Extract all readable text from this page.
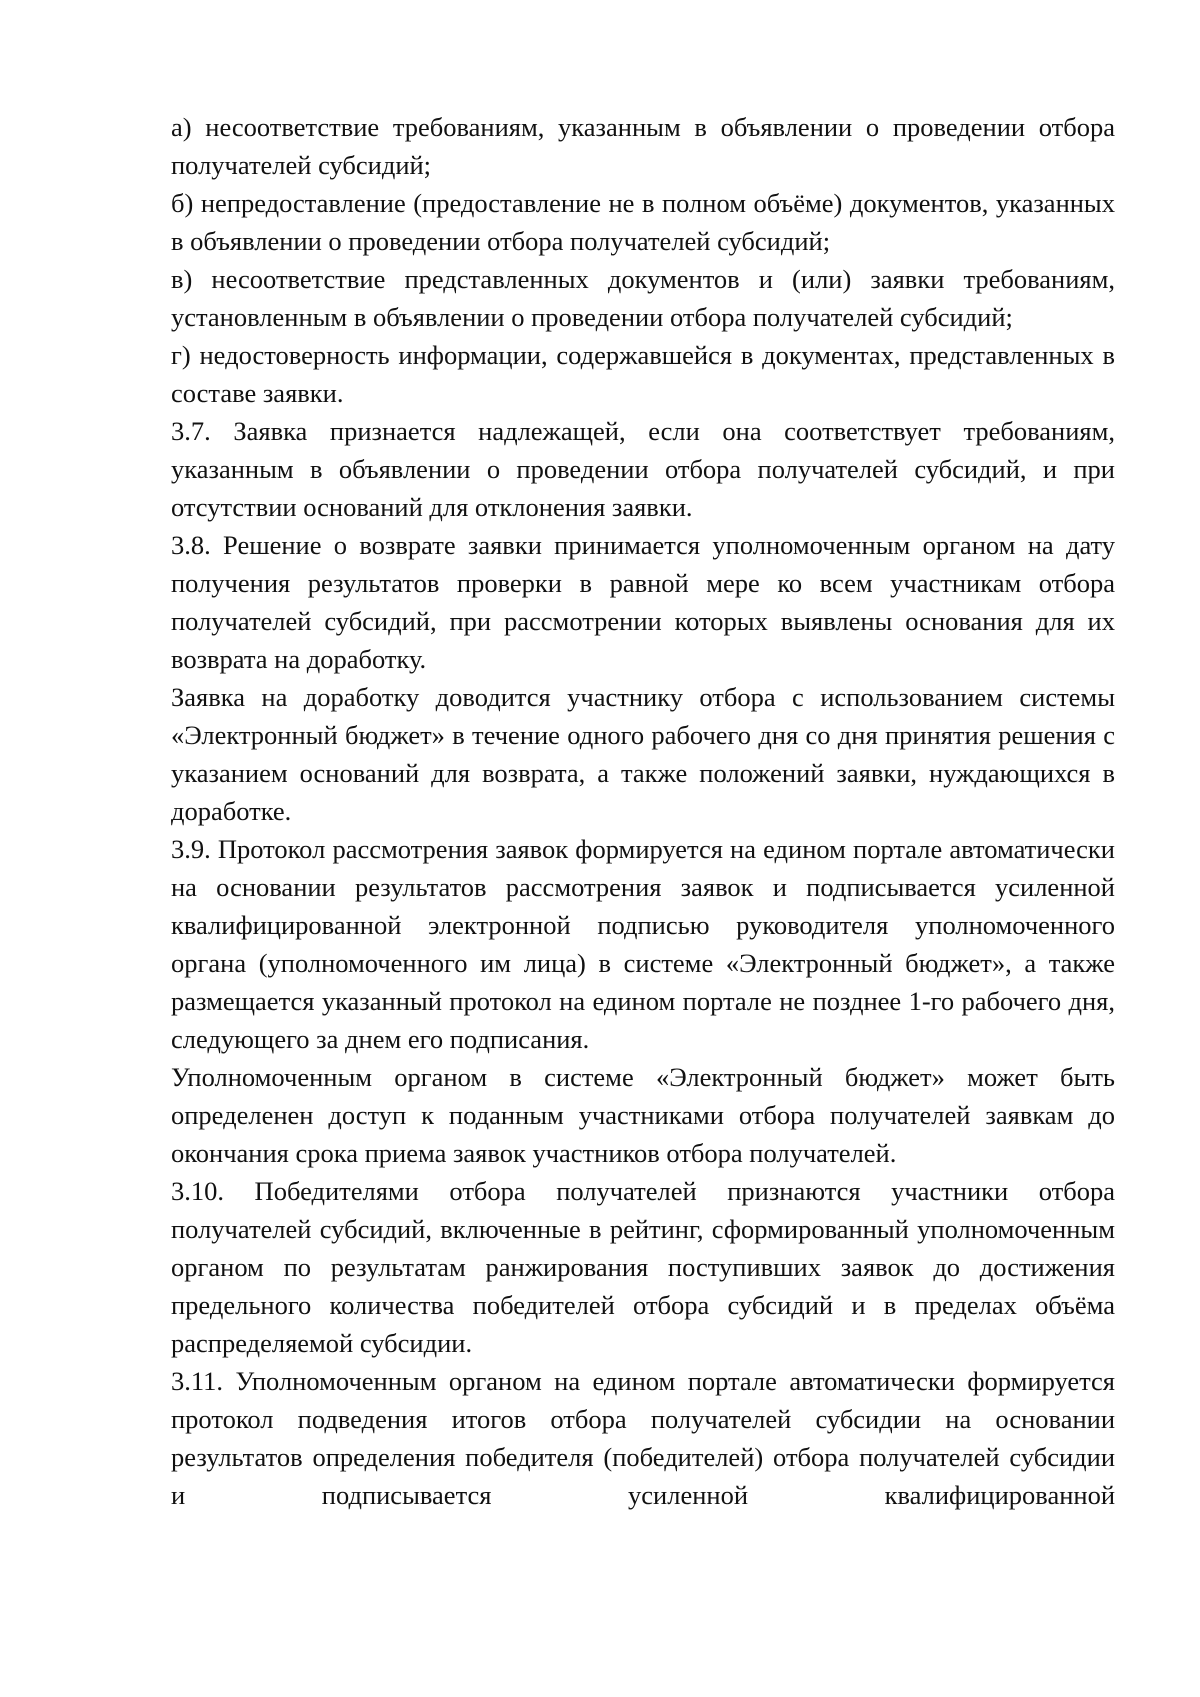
а) несоответствие требованиям, указанным в объявлении о проведении отбора получателей субсидий;

б) непредоставление (предоставление не в полном объёме) документов, указанных в объявлении о проведении отбора получателей субсидий;

в) несоответствие представленных документов и (или) заявки требованиям, установленным в объявлении о проведении отбора получателей субсидий;

г) недостоверность информации, содержавшейся в документах, представленных в составе заявки.

3.7. Заявка признается надлежащей, если она соответствует требованиям, указанным в объявлении о проведении отбора получателей субсидий, и при отсутствии оснований для отклонения заявки.

3.8. Решение о возврате заявки принимается уполномоченным органом на дату получения результатов проверки в равной мере ко всем участникам отбора получателей субсидий, при рассмотрении которых выявлены основания для их возврата на доработку.

Заявка на доработку доводится участнику отбора с использованием системы «Электронный бюджет» в течение одного рабочего дня со дня принятия решения с указанием оснований для возврата, а также положений заявки, нуждающихся в доработке.

3.9. Протокол рассмотрения заявок формируется на едином портале автоматически на основании результатов рассмотрения заявок и подписывается усиленной квалифицированной электронной подписью руководителя уполномоченного органа (уполномоченного им лица) в системе «Электронный бюджет», а также размещается указанный протокол на едином портале не позднее 1-го рабочего дня, следующего за днем его подписания.

Уполномоченным органом в системе «Электронный бюджет» может быть определенен доступ к поданным участниками отбора получателей заявкам до окончания срока приема заявок участников отбора получателей.

3.10. Победителями отбора получателей признаются участники отбора получателей субсидий, включенные в рейтинг, сформированный уполномоченным органом по результатам ранжирования поступивших заявок до достижения предельного количества победителей отбора субсидий и в пределах объёма распределяемой субсидии.

3.11. Уполномоченным органом на едином портале автоматически формируется протокол подведения итогов отбора получателей субсидии на основании результатов определения победителя (победителей) отбора получателей субсидии и подписывается усиленной квалифицированной
